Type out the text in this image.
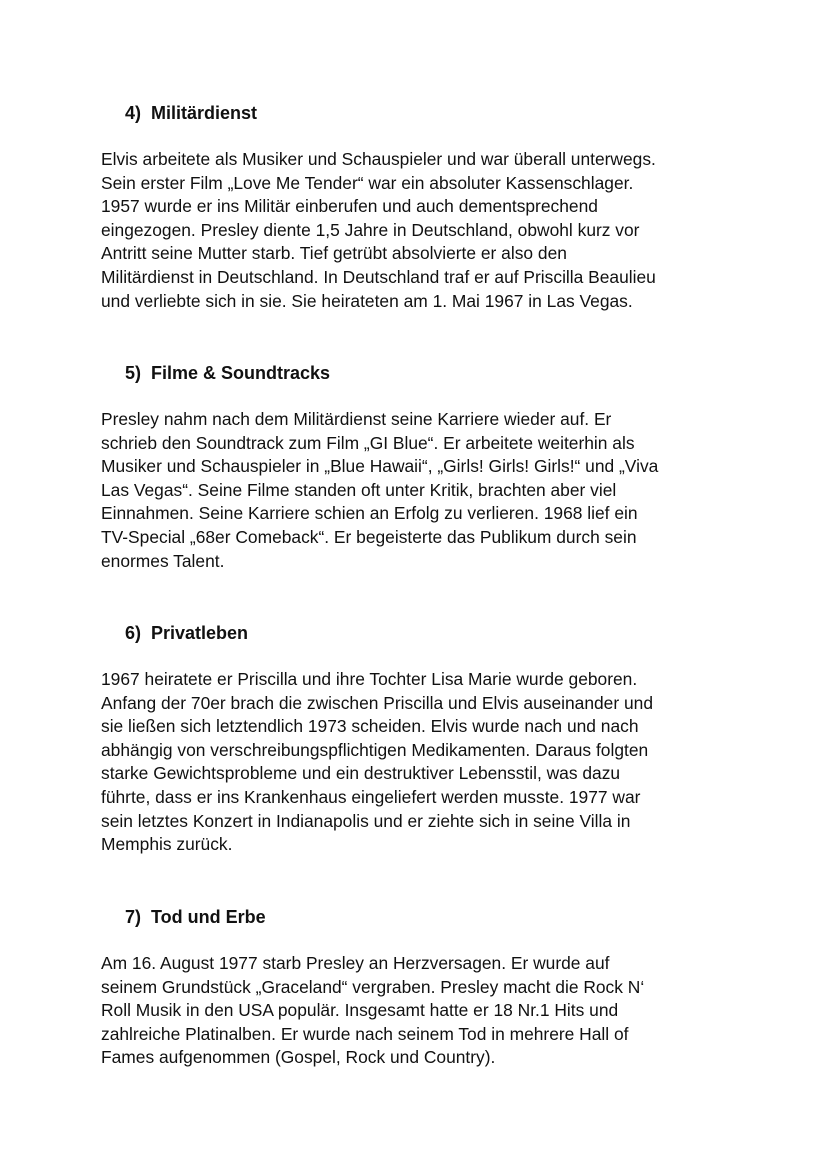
4) Militärdienst

Elvis arbeitete als Musiker und Schauspieler und war überall unterwegs.
Sein erster Film „Love Me Tender“ war ein absoluter Kassenschlager.
1957 wurde er ins Militär einberufen und auch dementsprechend
eingezogen. Presley diente 1,5 Jahre in Deutschland, obwohl kurz vor
Antritt seine Mutter starb. Tief getrübt absolvierte er also den
Militärdienst in Deutschland. In Deutschland traf er auf Priscilla Beaulieu
und verliebte sich in sie. Sie heirateten am 1. Mai 1967 in Las Vegas.

5) Filme & Soundtracks

Presley nahm nach dem Militärdienst seine Karriere wieder auf. Er
schrieb den Soundtrack zum Film „GI Blue“. Er arbeitete weiterhin als
Musiker und Schauspieler in „Blue Hawaii“, „Girls! Girls! Girls!“ und „Viva
Las Vegas“. Seine Filme standen oft unter Kritik, brachten aber viel
Einnahmen. Seine Karriere schien an Erfolg zu verlieren. 1968 lief ein
TV-Special „68er Comeback“. Er begeisterte das Publikum durch sein
enormes Talent.

6) Privatleben

1967 heiratete er Priscilla und ihre Tochter Lisa Marie wurde geboren.
Anfang der 70er brach die zwischen Priscilla und Elvis auseinander und
sie ließen sich letztendlich 1973 scheiden. Elvis wurde nach und nach
abhängig von verschreibungspflichtigen Medikamenten. Daraus folgten
starke Gewichtsprobleme und ein destruktiver Lebensstil, was dazu
führte, dass er ins Krankenhaus eingeliefert werden musste. 1977 war
sein letztes Konzert in Indianapolis und er ziehte sich in seine Villa in
Memphis zurück.

7) Tod und Erbe

Am 16. August 1977 starb Presley an Herzversagen. Er wurde auf
seinem Grundstück „Graceland“ vergraben. Presley macht die Rock N‘
Roll Musik in den USA populär. Insgesamt hatte er 18 Nr.1 Hits und
zahlreiche Platinalben. Er wurde nach seinem Tod in mehrere Hall of
Fames aufgenommen (Gospel, Rock und Country).
